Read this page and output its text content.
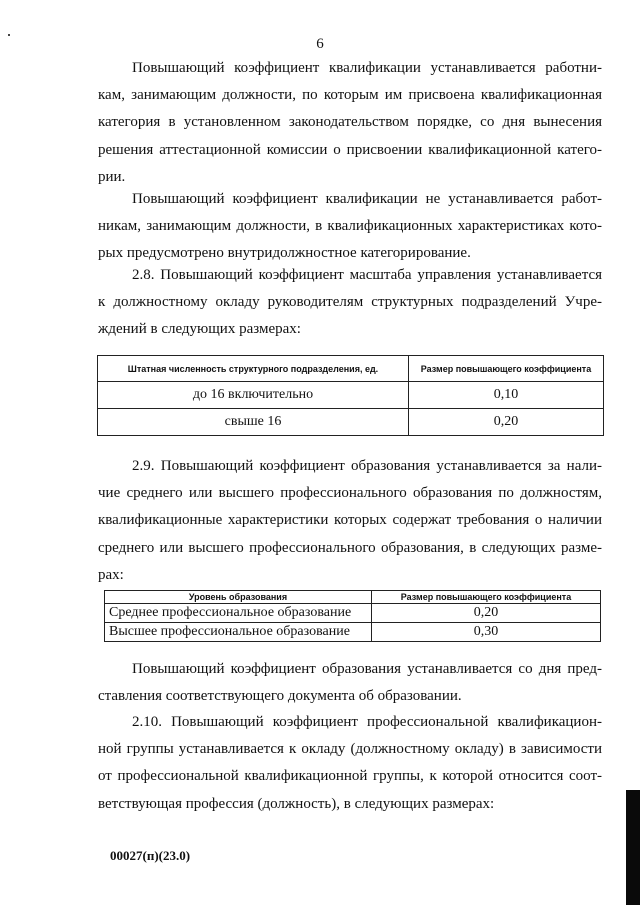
6
Повышающий коэффициент квалификации устанавливается работни-
кам, занимающим должности, по которым им присвоена квалификационная
категория в установленном законодательством порядке, со дня вынесения
решения аттестационной комиссии о присвоении квалификационной катего-
рии.
Повышающий коэффициент квалификации не устанавливается работ-
никам, занимающим должности, в квалификационных характеристиках кото-
рых предусмотрено внутридолжностное категорирование.
2.8. Повышающий коэффициент масштаба управления устанавливается
к должностному окладу руководителям структурных подразделений Учре-
ждений в следующих размерах:
Штатная численность структурного подразделения, ед.	Размер повышающего коэффициента
до 16 включительно	0,10
свыше 16	0,20
2.9. Повышающий коэффициент образования устанавливается за нали-
чие среднего или высшего профессионального образования по должностям,
квалификационные характеристики которых содержат требования о наличии
среднего или высшего профессионального образования, в следующих разме-
рах:
Уровень образования	Размер повышающего коэффициента
Среднее профессиональное образование	0,20
Высшее профессиональное образование	0,30
Повышающий коэффициент образования устанавливается со дня пред-
ставления соответствующего документа об образовании.
2.10. Повышающий коэффициент профессиональной квалификацион-
ной группы устанавливается к окладу (должностному окладу) в зависимости
от профессиональной квалификационной группы, к которой относится соот-
ветствующая профессия (должность), в следующих размерах:
00027(п)(23.0)
